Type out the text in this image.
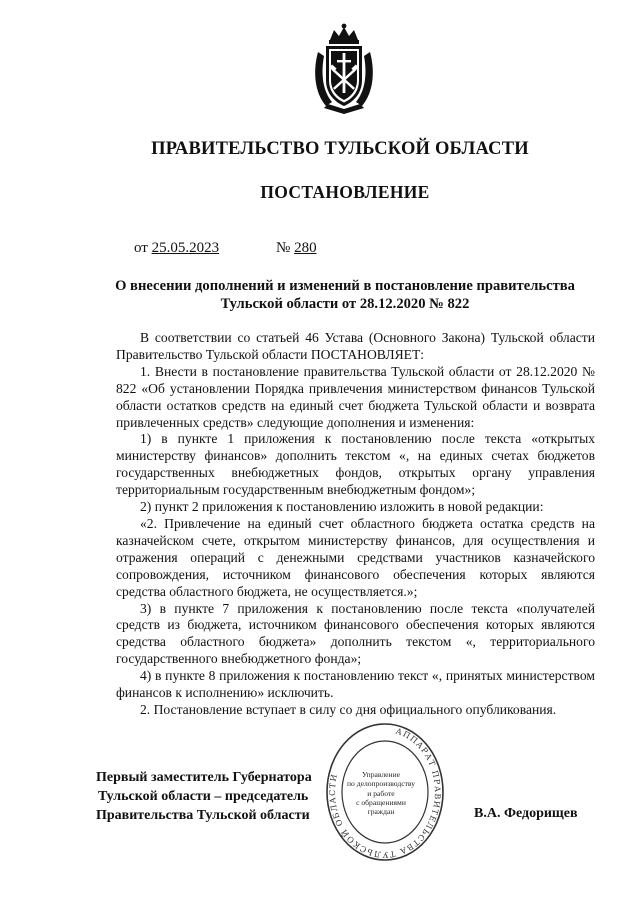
ПРАВИТЕЛЬСТВО ТУЛЬСКОЙ ОБЛАСТИ
ПОСТАНОВЛЕНИЕ
от 25.05.2023	№ 280
О внесении дополнений и изменений в постановление правительства Тульской области от 28.12.2020 № 822

В соответствии со статьей 46 Устава (Основного Закона) Тульской области Правительство Тульской области ПОСТАНОВЛЯЕТ:

1. Внести в постановление правительства Тульской области от 28.12.2020 № 822 «Об установлении Порядка привлечения министерством финансов Тульской области остатков средств на единый счет бюджета Тульской области и возврата привлеченных средств» следующие дополнения и изменения:

1) в пункте 1 приложения к постановлению после текста «открытых министерству финансов» дополнить текстом «, на единых счетах бюджетов государственных внебюджетных фондов, открытых органу управления территориальным государственным внебюджетным фондом»;

2) пункт 2 приложения к постановлению изложить в новой редакции:

«2. Привлечение на единый счет областного бюджета остатка средств на казначейском счете, открытом министерству финансов, для осуществления и отражения операций с денежными средствами участников казначейского сопровождения, источником финансового обеспечения которых являются средства областного бюджета, не осуществляется.»;

3) в пункте 7 приложения к постановлению после текста «получателей средств из бюджета, источником финансового обеспечения которых являются средства областного бюджета» дополнить текстом «, территориального государственного внебюджетного фонда»;

4) в пункте 8 приложения к постановлению текст «, принятых министерством финансов к исполнению» исключить.

2. Постановление вступает в силу со дня официального опубликования.

АППАРАТ ПРАВИТЕЛЬСТВА ТУЛЬСКОЙ ОБЛАСТИ	Управление
по делопроизводству
и работе
с обращениями
граждан
Первый заместитель Губернатора
Тульской области – председатель
Правительства Тульской области	В.А. Федорищев
